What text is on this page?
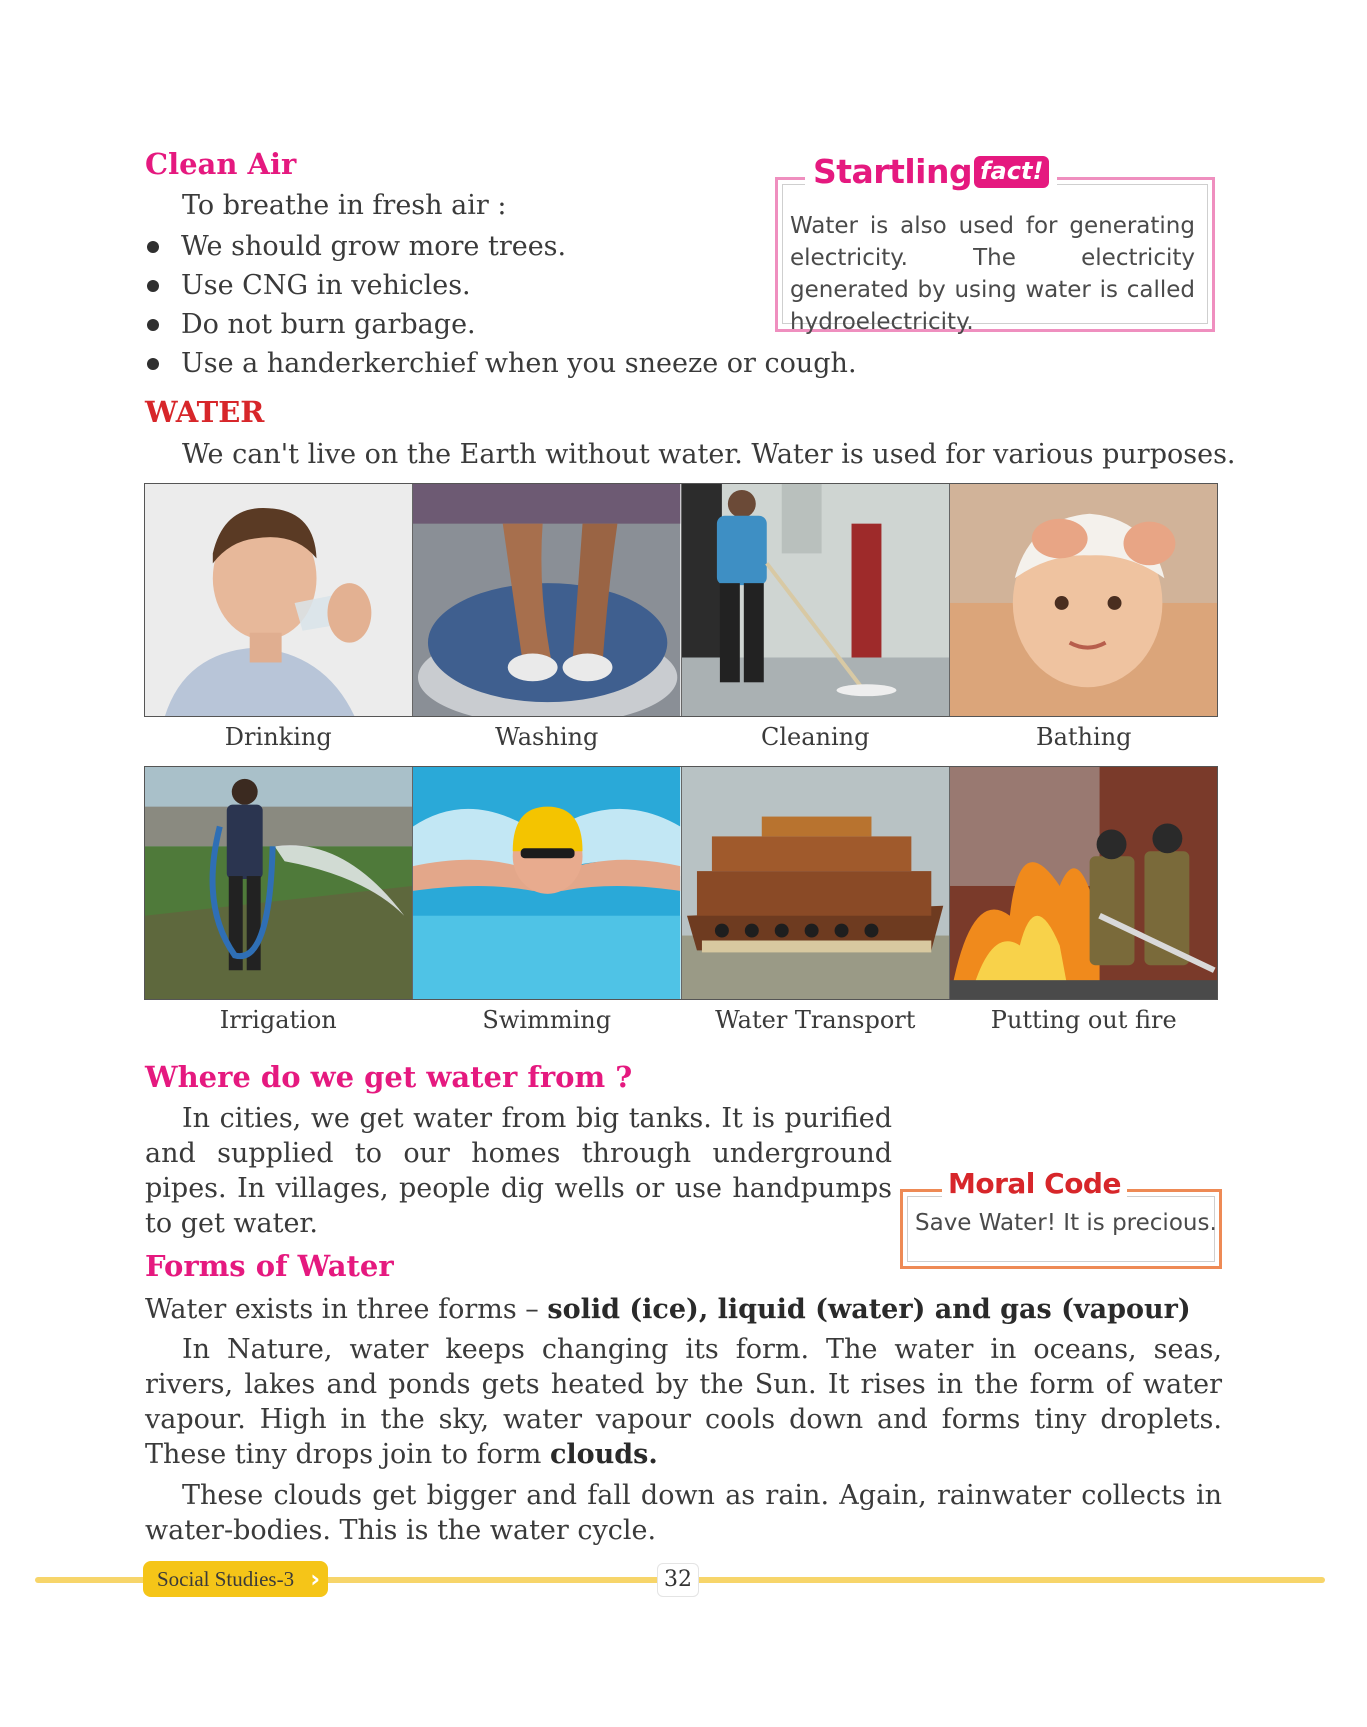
Clean Air
To breathe in fresh air :
We should grow more trees.
Use CNG in vehicles.
Do not burn garbage.
Use a handerkerchief when you sneeze or cough.
Startling fact!
Water is also used for generating electricity. The electricity generated by using water is called hydroelectricity.
WATER
We can't live on the Earth without water. Water is used for various purposes.
Drinking	Washing	Cleaning	Bathing
Irrigation	Swimming	Water Transport	Putting out fire
Where do we get water from ?
In cities, we get water from big tanks. It is purified
and supplied to our homes through underground
pipes. In villages, people dig wells or use handpumps
to get water.
Moral Code
Save Water! It is precious.
Forms of Water
Water exists in three forms – solid (ice), liquid (water) and gas (vapour)
In Nature, water keeps changing its form. The water in oceans, seas,
rivers, lakes and ponds gets heated by the Sun. It rises in the form of water
vapour. High in the sky, water vapour cools down and forms tiny droplets.
These tiny drops join to form clouds.
These clouds get bigger and fall down as rain. Again, rainwater collects in
water-bodies. This is the water cycle.
Social Studies-3 ›	32
